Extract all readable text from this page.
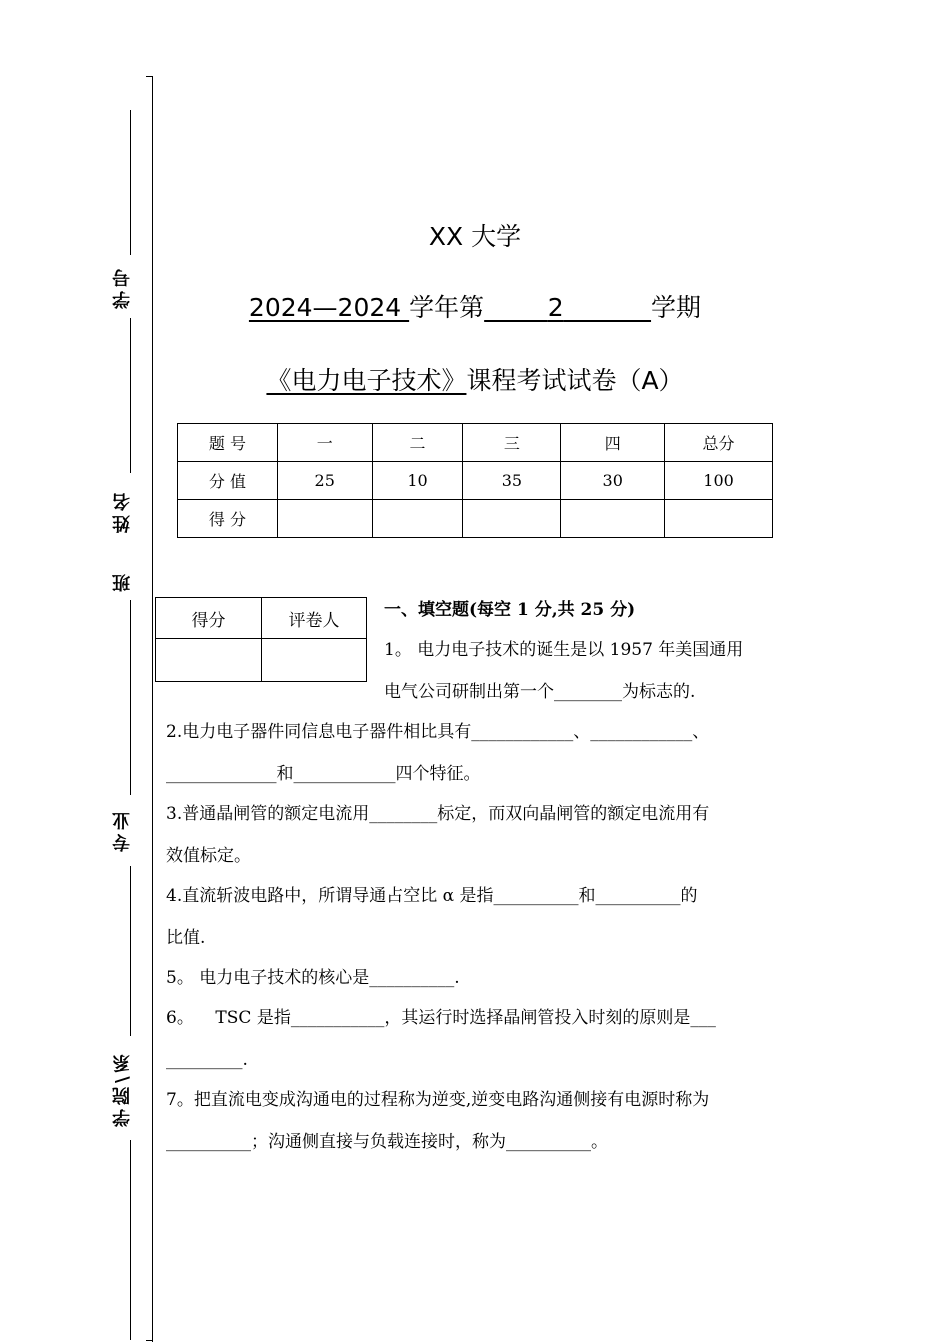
学号
姓名
班
专业
学院\系
XX 大学
2024—2024 学年第	2	学期
《电力电子技术》课程考试试卷（A）
题 号	一	二	三	四	总分
分 值	25	10	35	30	100
得 分					
得分	评卷人

一、填空题(每空 1 分,共 25 分)
1。 电力电子技术的诞生是以 1957 年美国通用
电气公司研制出第一个________为标志的.
2.电力电子器件同信息电子器件相比具有____________、____________、
_____________和____________四个特征。
3.普通晶闸管的额定电流用________标定，而双向晶闸管的额定电流用有
效值标定。
4.直流斩波电路中，所谓导通占空比 α 是指__________和__________的
比值.
5。 电力电子技术的核心是__________.
6。    TSC 是指___________，其运行时选择晶闸管投入时刻的原则是___
_________.
7。把直流电变成沟通电的过程称为逆变,逆变电路沟通侧接有电源时称为
__________；沟通侧直接与负载连接时，称为__________。
